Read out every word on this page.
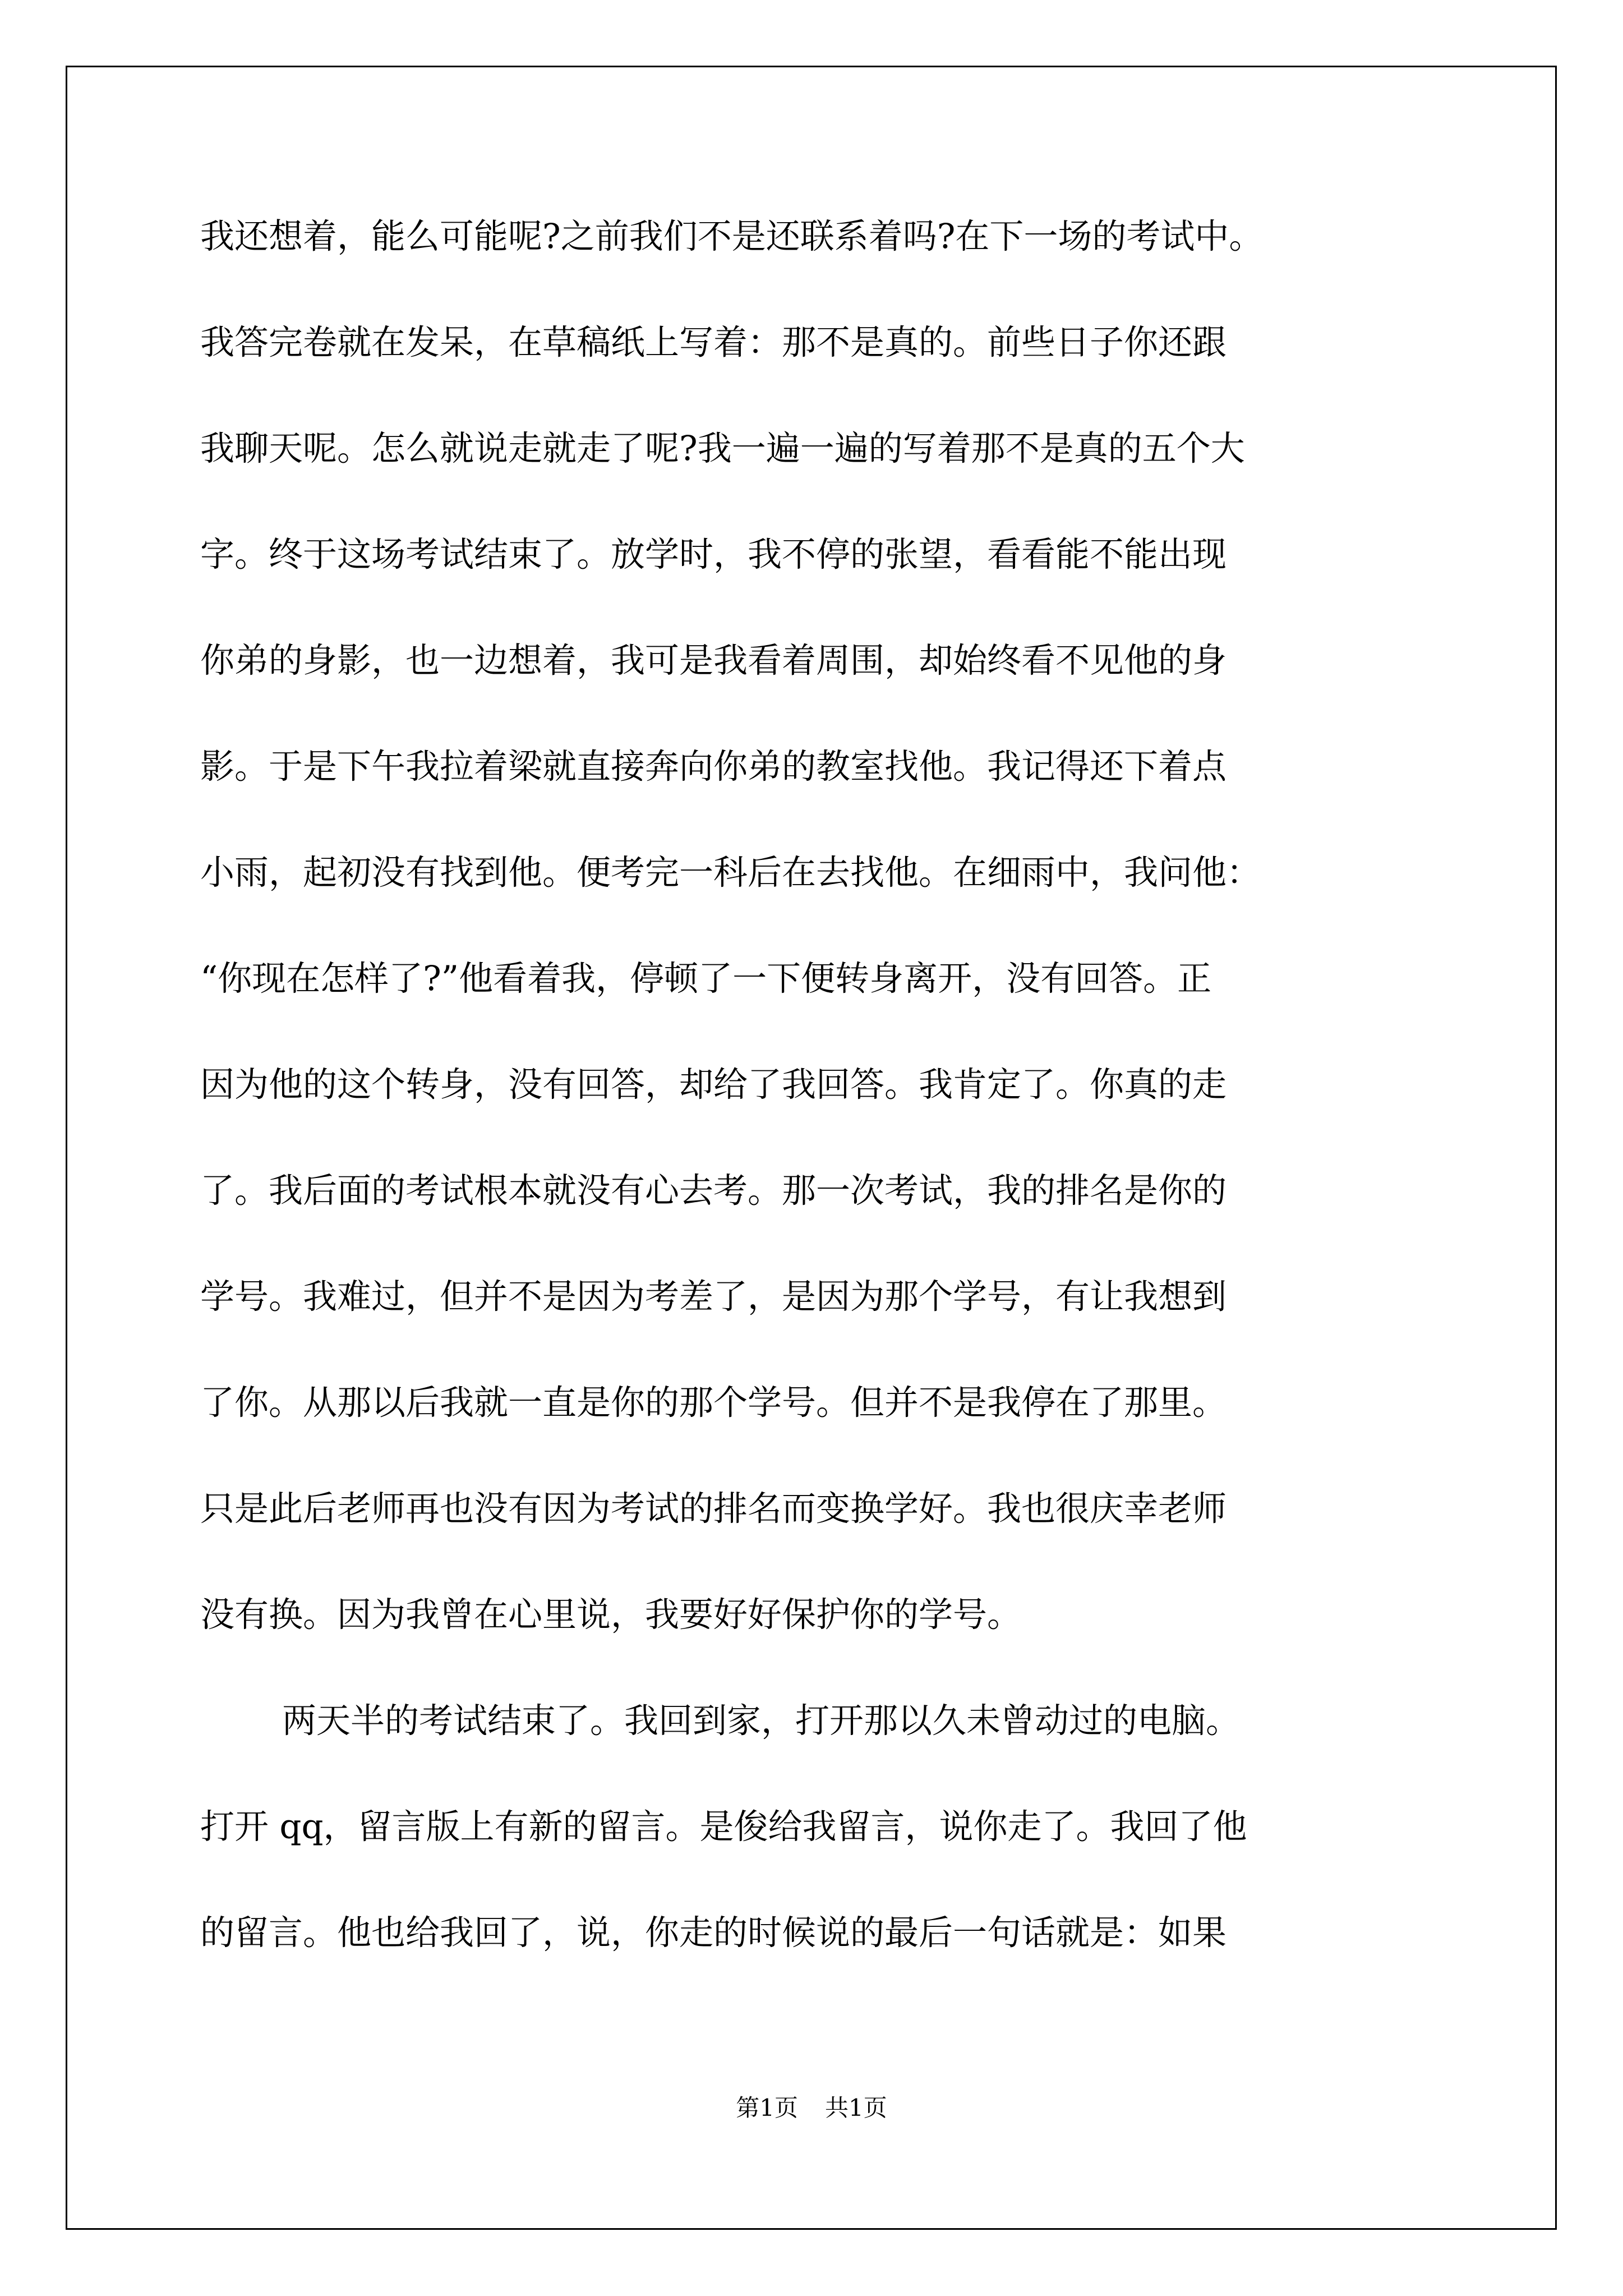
我还想着，能么可能呢?之前我们不是还联系着吗?在下一场的考试中。
我答完卷就在发呆，在草稿纸上写着：那不是真的。前些日子你还跟
我聊天呢。怎么就说走就走了呢?我一遍一遍的写着那不是真的五个大
字。终于这场考试结束了。放学时，我不停的张望，看看能不能出现
你弟的身影，也一边想着，我可是我看着周围，却始终看不见他的身
影。于是下午我拉着梁就直接奔向你弟的教室找他。我记得还下着点
小雨，起初没有找到他。便考完一科后在去找他。在细雨中，我问他：
“你现在怎样了?”他看着我，停顿了一下便转身离开，没有回答。正
因为他的这个转身，没有回答，却给了我回答。我肯定了。你真的走
了。我后面的考试根本就没有心去考。那一次考试，我的排名是你的
学号。我难过，但并不是因为考差了，是因为那个学号，有让我想到
了你。从那以后我就一直是你的那个学号。但并不是我停在了那里。
只是此后老师再也没有因为考试的排名而变换学好。我也很庆幸老师
没有换。因为我曾在心里说，我要好好保护你的学号。
两天半的考试结束了。我回到家，打开那以久未曾动过的电脑。
打开 qq，留言版上有新的留言。是俊给我留言，说你走了。我回了他
的留言。他也给我回了，说，你走的时候说的最后一句话就是：如果
第1页 共1页
